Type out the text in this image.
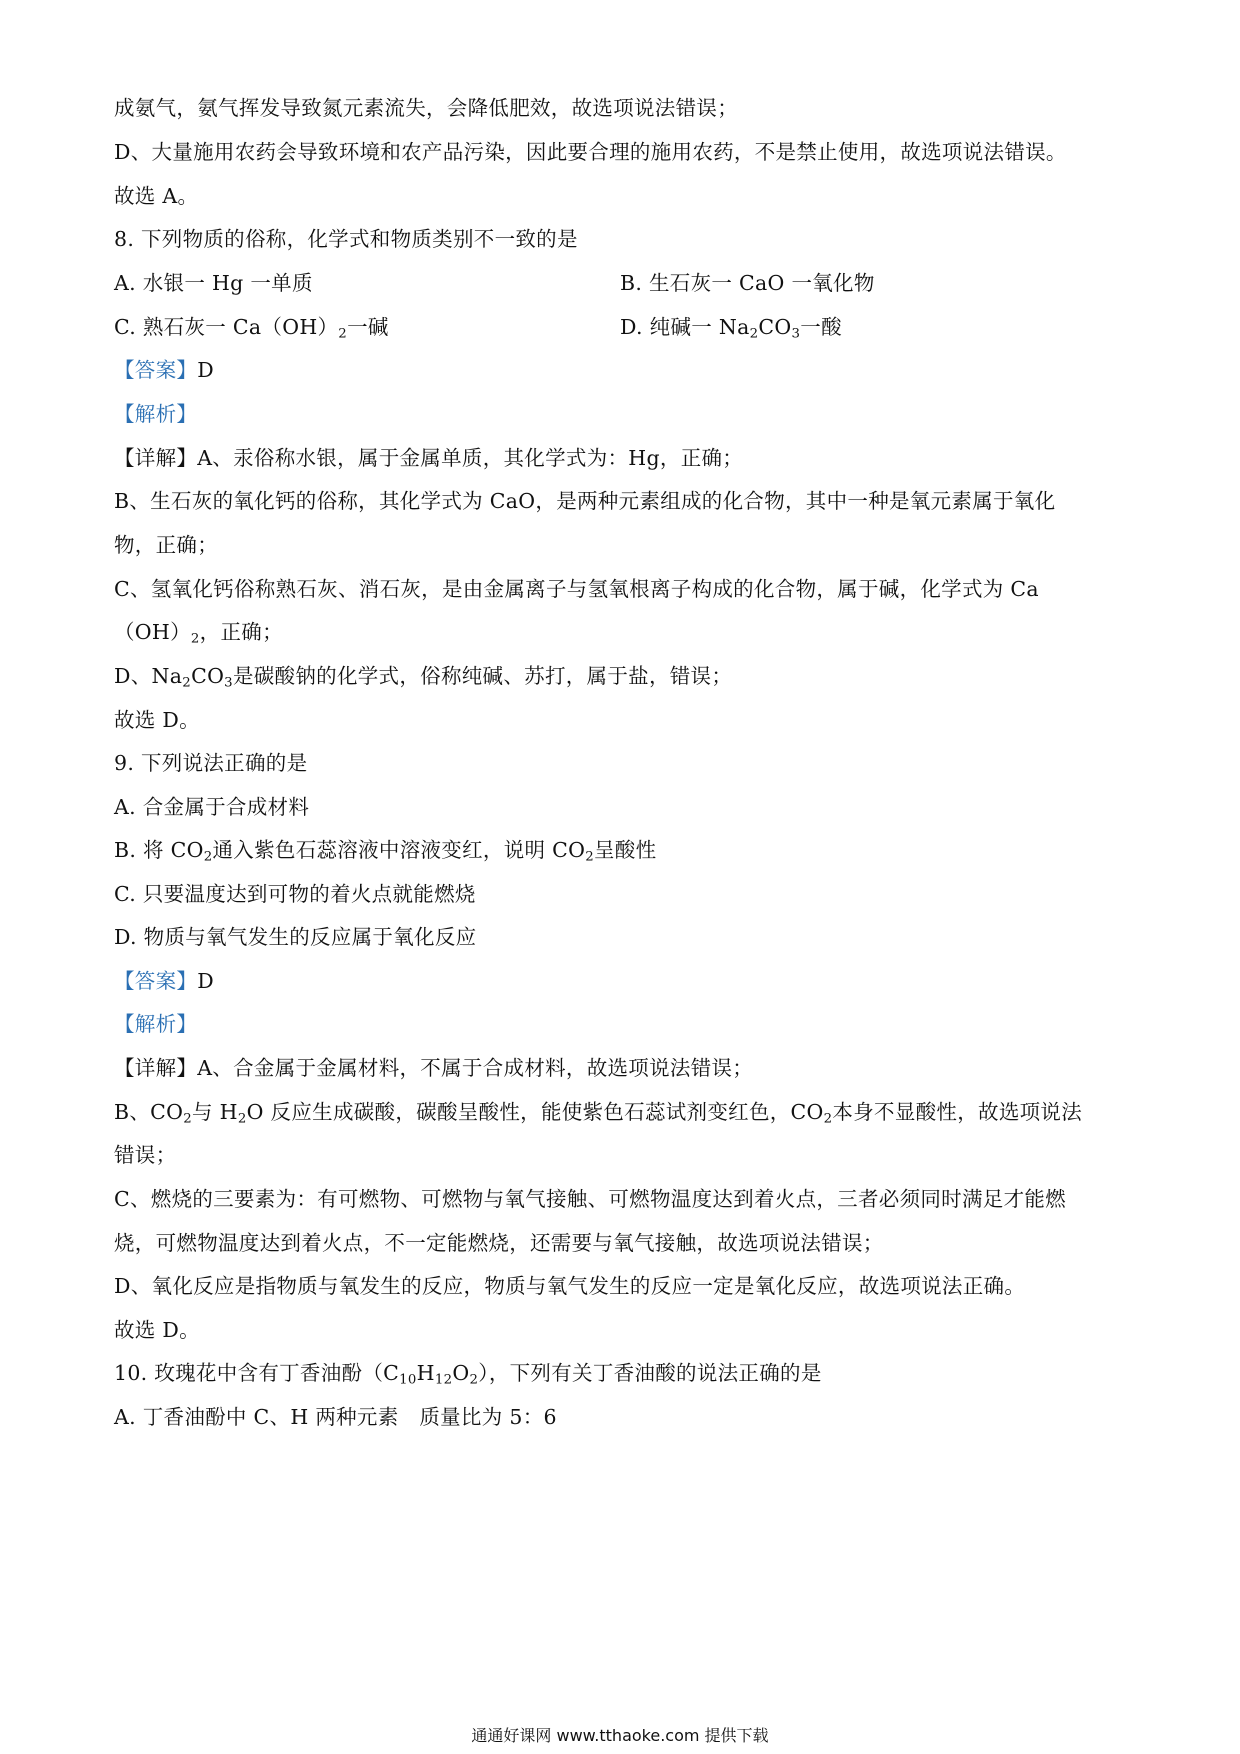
成氨气，氨气挥发导致氮元素流失，会降低肥效，故选项说法错误；
D、大量施用农药会导致环境和农产品污染，因此要合理的施用农药，不是禁止使用，故选项说法错误。
故选 A。
8. 下列物质的俗称，化学式和物质类别不一致的是
A. 水银一 Hg 一单质	B. 生石灰一 CaO 一氧化物
C. 熟石灰一 $Ca(OH)_2$一碱	D. 纯碱一 $Na_2CO_3$一酸
【答案】D
【解析】
【详解】A、汞俗称水银，属于金属单质，其化学式为：Hg，正确；
B、生石灰的氧化钙的俗称，其化学式为 CaO，是两种元素组成的化合物，其中一种是氧元素属于氧化
物，正确；
C、氢氧化钙俗称熟石灰、消石灰，是由金属离子与氢氧根离子构成的化合物，属于碱，化学式为 Ca
$(OH)_2$，正确；
D、$Na_2CO_3$是碳酸钠的化学式，俗称纯碱、苏打，属于盐，错误；
故选 D。
9. 下列说法正确的是
A. 合金属于合成材料
B. 将 $CO_2$通入紫色石蕊溶液中溶液变红，说明 $CO_2$呈酸性
C. 只要温度达到可物的着火点就能燃烧
D. 物质与氧气发生的反应属于氧化反应
【答案】D
【解析】
【详解】A、合金属于金属材料，不属于合成材料，故选项说法错误；
B、$CO_2$与 $H_2O$ 反应生成碳酸，碳酸呈酸性，能使紫色石蕊试剂变红色，$CO_2$本身不显酸性，故选项说法
错误；
C、燃烧的三要素为：有可燃物、可燃物与氧气接触、可燃物温度达到着火点，三者必须同时满足才能燃
烧，可燃物温度达到着火点，不一定能燃烧，还需要与氧气接触，故选项说法错误；
D、氧化反应是指物质与氧发生的反应，物质与氧气发生的反应一定是氧化反应，故选项说法正确。
故选 D。
10. 玫瑰花中含有丁香油酚$(C_{10}H_{12}O_2)$，下列有关丁香油酸的说法正确的是
A. 丁香油酚中 C、H 两种元素　质量比为 5：6
通通好课网 www.tthaoke.com 提供下载
